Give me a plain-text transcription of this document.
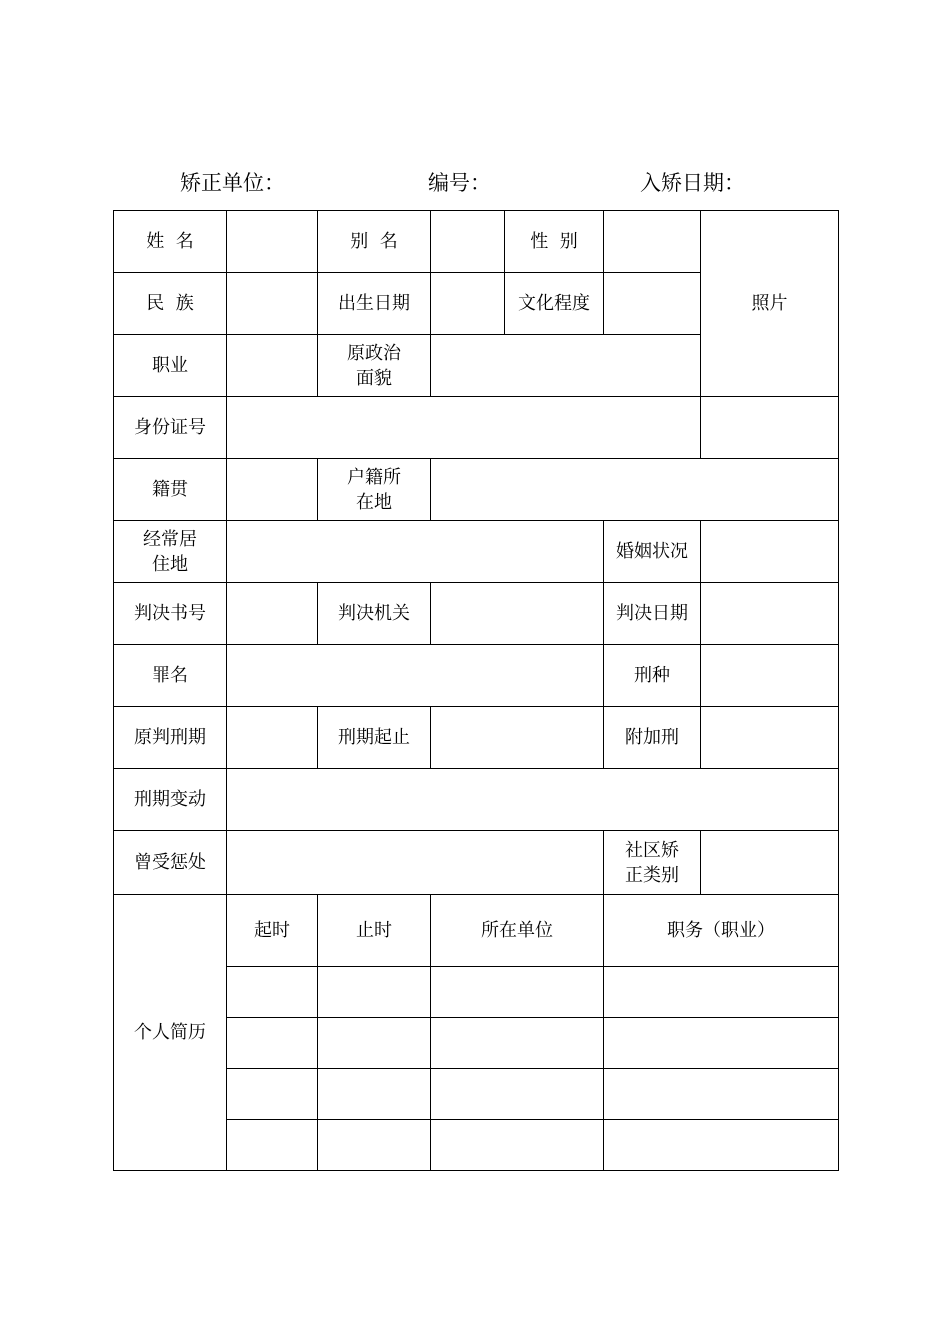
矫正单位：	编号：	入矫日期：
姓  名		别  名		性  别		照片
民  族		出生日期		文化程度		
职业		原政治
面貌				
身份证号						
籍贯		户籍所
在地				
经常居
住地					婚姻状况	
判决书号		判决机关			判决日期	
罪名					刑种	
原判刑期		刑期起止			附加刑	
刑期变动						
曾受惩处					社区矫
正类别	
个人简历	起时	止时	所在单位		职务（职业）	
